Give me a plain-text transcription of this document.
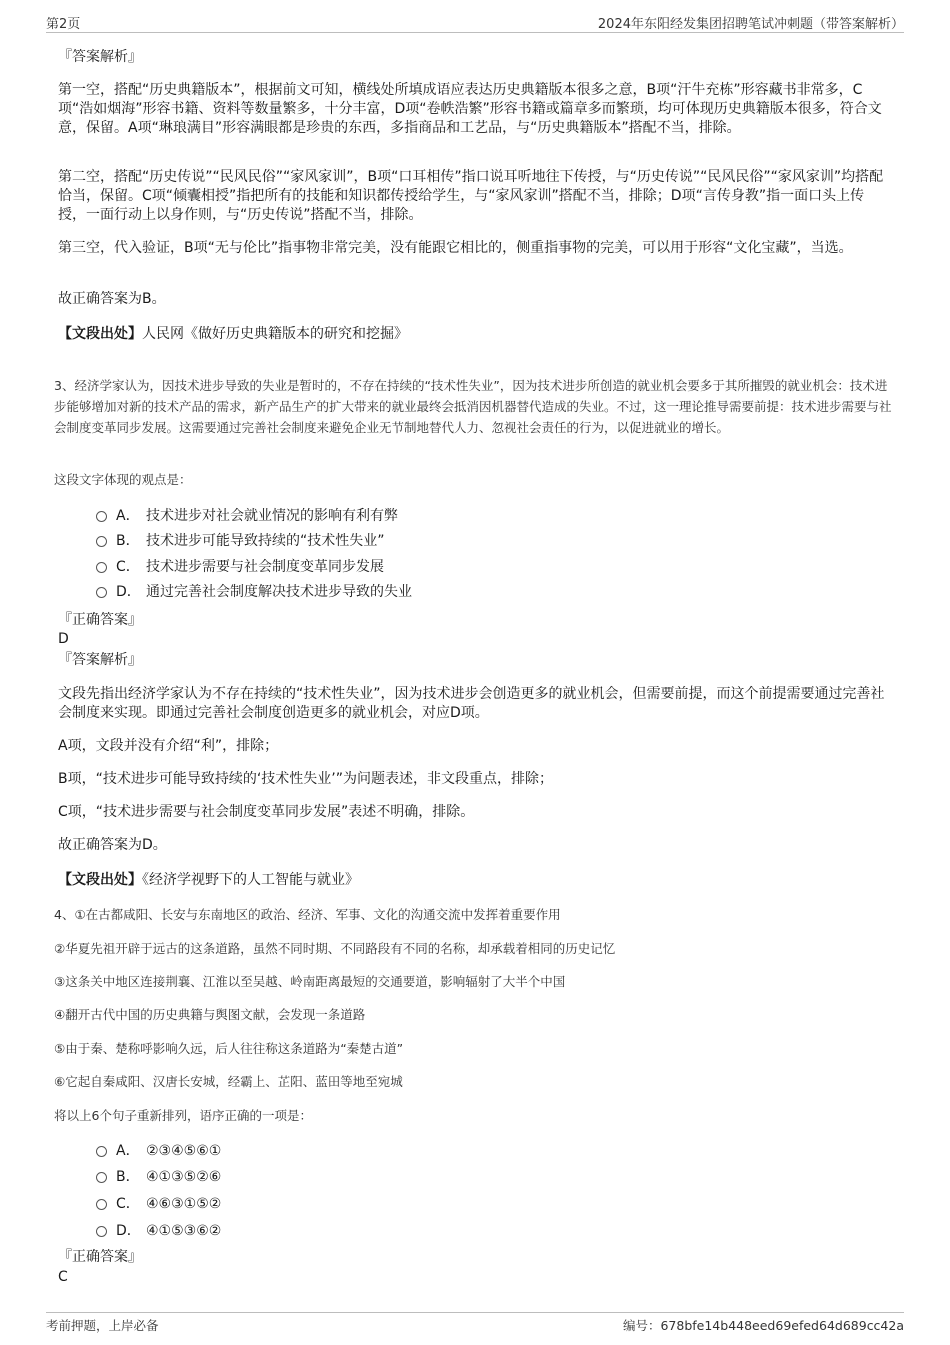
第2页	2024年东阳经发集团招聘笔试冲刺题（带答案解析）
『答案解析』
第一空，搭配“历史典籍版本”，根据前文可知，横线处所填成语应表达历史典籍版本很多之意，B项“汗牛充栋”形容藏书非常多，C项“浩如烟海”形容书籍、资料等数量繁多，十分丰富，D项“卷帙浩繁”形容书籍或篇章多而繁琐，均可体现历史典籍版本很多，符合文意，保留。A项“琳琅满目”形容满眼都是珍贵的东西，多指商品和工艺品，与“历史典籍版本”搭配不当，排除。
第二空，搭配“历史传说”“民风民俗”“家风家训”，B项“口耳相传”指口说耳听地往下传授，与“历史传说”“民风民俗”“家风家训”均搭配恰当，保留。C项“倾囊相授”指把所有的技能和知识都传授给学生，与“家风家训”搭配不当，排除；D项“言传身教”指一面口头上传授，一面行动上以身作则，与“历史传说”搭配不当，排除。
第三空，代入验证，B项“无与伦比”指事物非常完美，没有能跟它相比的，侧重指事物的完美，可以用于形容“文化宝藏”，当选。
故正确答案为B。
【文段出处】人民网《做好历史典籍版本的研究和挖掘》
3、经济学家认为，因技术进步导致的失业是暂时的，不存在持续的“技术性失业”，因为技术进步所创造的就业机会要多于其所摧毁的就业机会：技术进步能够增加对新的技术产品的需求，新产品生产的扩大带来的就业最终会抵消因机器替代造成的失业。不过，这一理论推导需要前提：技术进步需要与社会制度变革同步发展。这需要通过完善社会制度来避免企业无节制地替代人力、忽视社会责任的行为，以促进就业的增长。
这段文字体现的观点是：
A． 技术进步对社会就业情况的影响有利有弊
B． 技术进步可能导致持续的“技术性失业”
C． 技术进步需要与社会制度变革同步发展
D． 通过完善社会制度解决技术进步导致的失业
『正确答案』
D
『答案解析』
文段先指出经济学家认为不存在持续的“技术性失业”，因为技术进步会创造更多的就业机会，但需要前提，而这个前提需要通过完善社会制度来实现。即通过完善社会制度创造更多的就业机会，对应D项。
A项，文段并没有介绍“利”，排除；
B项，“技术进步可能导致持续的‘技术性失业’”为问题表述，非文段重点，排除；
C项，“技术进步需要与社会制度变革同步发展”表述不明确，排除。
故正确答案为D。
【文段出处】《经济学视野下的人工智能与就业》
4、①在古都咸阳、长安与东南地区的政治、经济、军事、文化的沟通交流中发挥着重要作用
②华夏先祖开辟于远古的这条道路，虽然不同时期、不同路段有不同的名称，却承载着相同的历史记忆
③这条关中地区连接荆襄、江淮以至吴越、岭南距离最短的交通要道，影响辐射了大半个中国
④翻开古代中国的历史典籍与舆图文献，会发现一条道路
⑤由于秦、楚称呼影响久远，后人往往称这条道路为“秦楚古道”
⑥它起自秦咸阳、汉唐长安城，经霸上、芷阳、蓝田等地至宛城
将以上6个句子重新排列，语序正确的一项是：
A． ②③④⑤⑥①
B． ④①③⑤②⑥
C． ④⑥③①⑤②
D． ④①⑤③⑥②
『正确答案』
C
考前押题，上岸必备	编号：678bfe14b448eed69efed64d689cc42a
